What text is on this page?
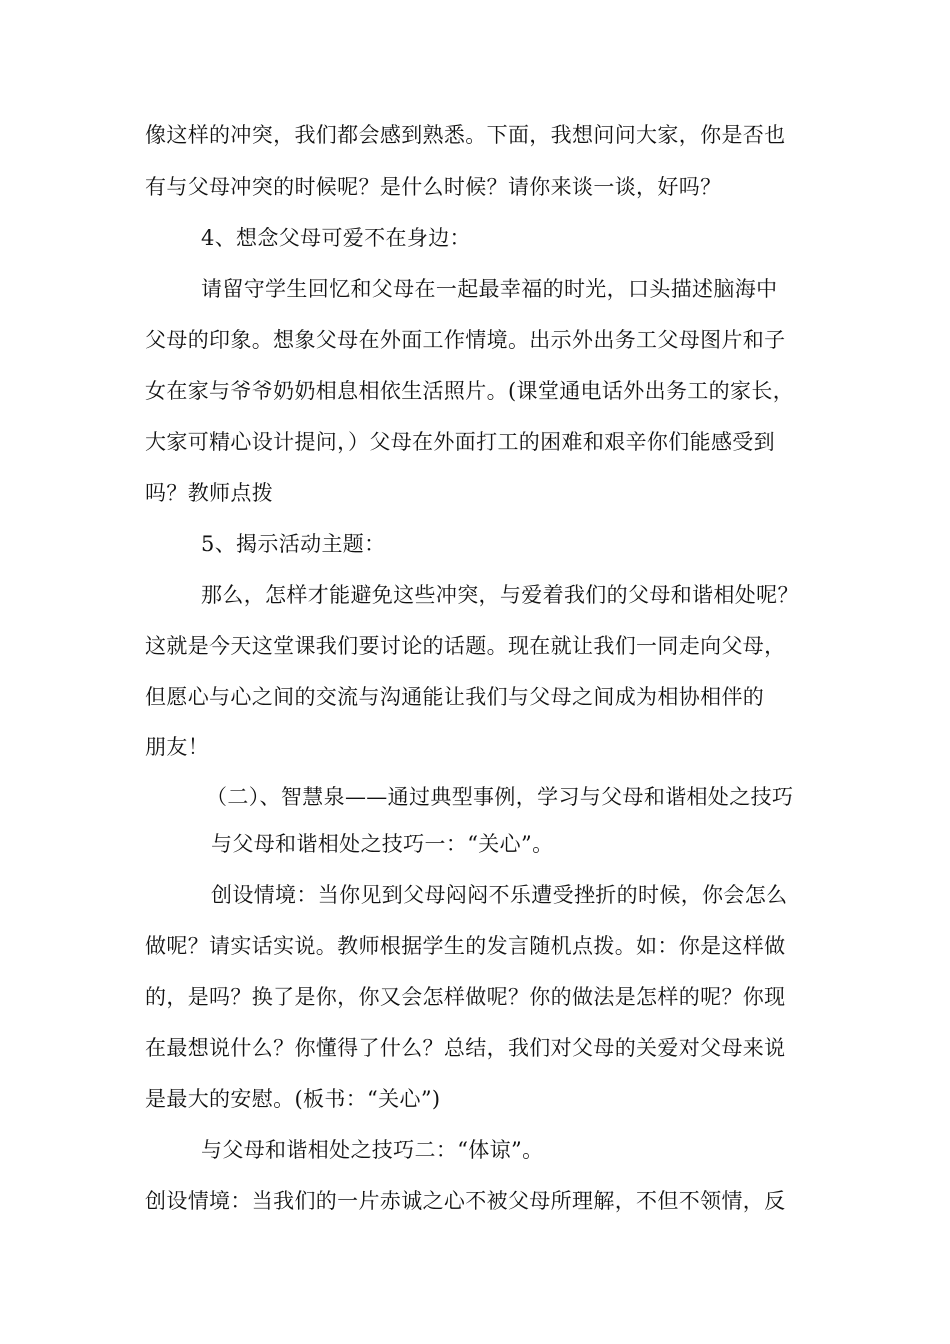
像这样的冲突，我们都会感到熟悉。下面，我想问问大家，你是否也
有与父母冲突的时候呢？是什么时候？请你来谈一谈，好吗？
4、想念父母可爱不在身边：
请留守学生回忆和父母在一起最幸福的时光，口头描述脑海中
父母的印象。想象父母在外面工作情境。出示外出务工父母图片和子
女在家与爷爷奶奶相息相依生活照片。(课堂通电话外出务工的家长，
大家可精心设计提问，）父母在外面打工的困难和艰辛你们能感受到
吗？教师点拨
5、揭示活动主题：
那么，怎样才能避免这些冲突，与爱着我们的父母和谐相处呢？
这就是今天这堂课我们要讨论的话题。现在就让我们一同走向父母，
但愿心与心之间的交流与沟通能让我们与父母之间成为相协相伴的
朋友！
（二）、智慧泉——通过典型事例，学习与父母和谐相处之技巧
与父母和谐相处之技巧一：“关心”。
创设情境：当你见到父母闷闷不乐遭受挫折的时候，你会怎么
做呢？请实话实说。教师根据学生的发言随机点拨。如：你是这样做
的，是吗？换了是你，你又会怎样做呢？你的做法是怎样的呢？你现
在最想说什么？你懂得了什么？总结，我们对父母的关爱对父母来说
是最大的安慰。(板书：“关心”)
与父母和谐相处之技巧二：“体谅”。
创设情境：当我们的一片赤诚之心不被父母所理解，不但不领情，反
